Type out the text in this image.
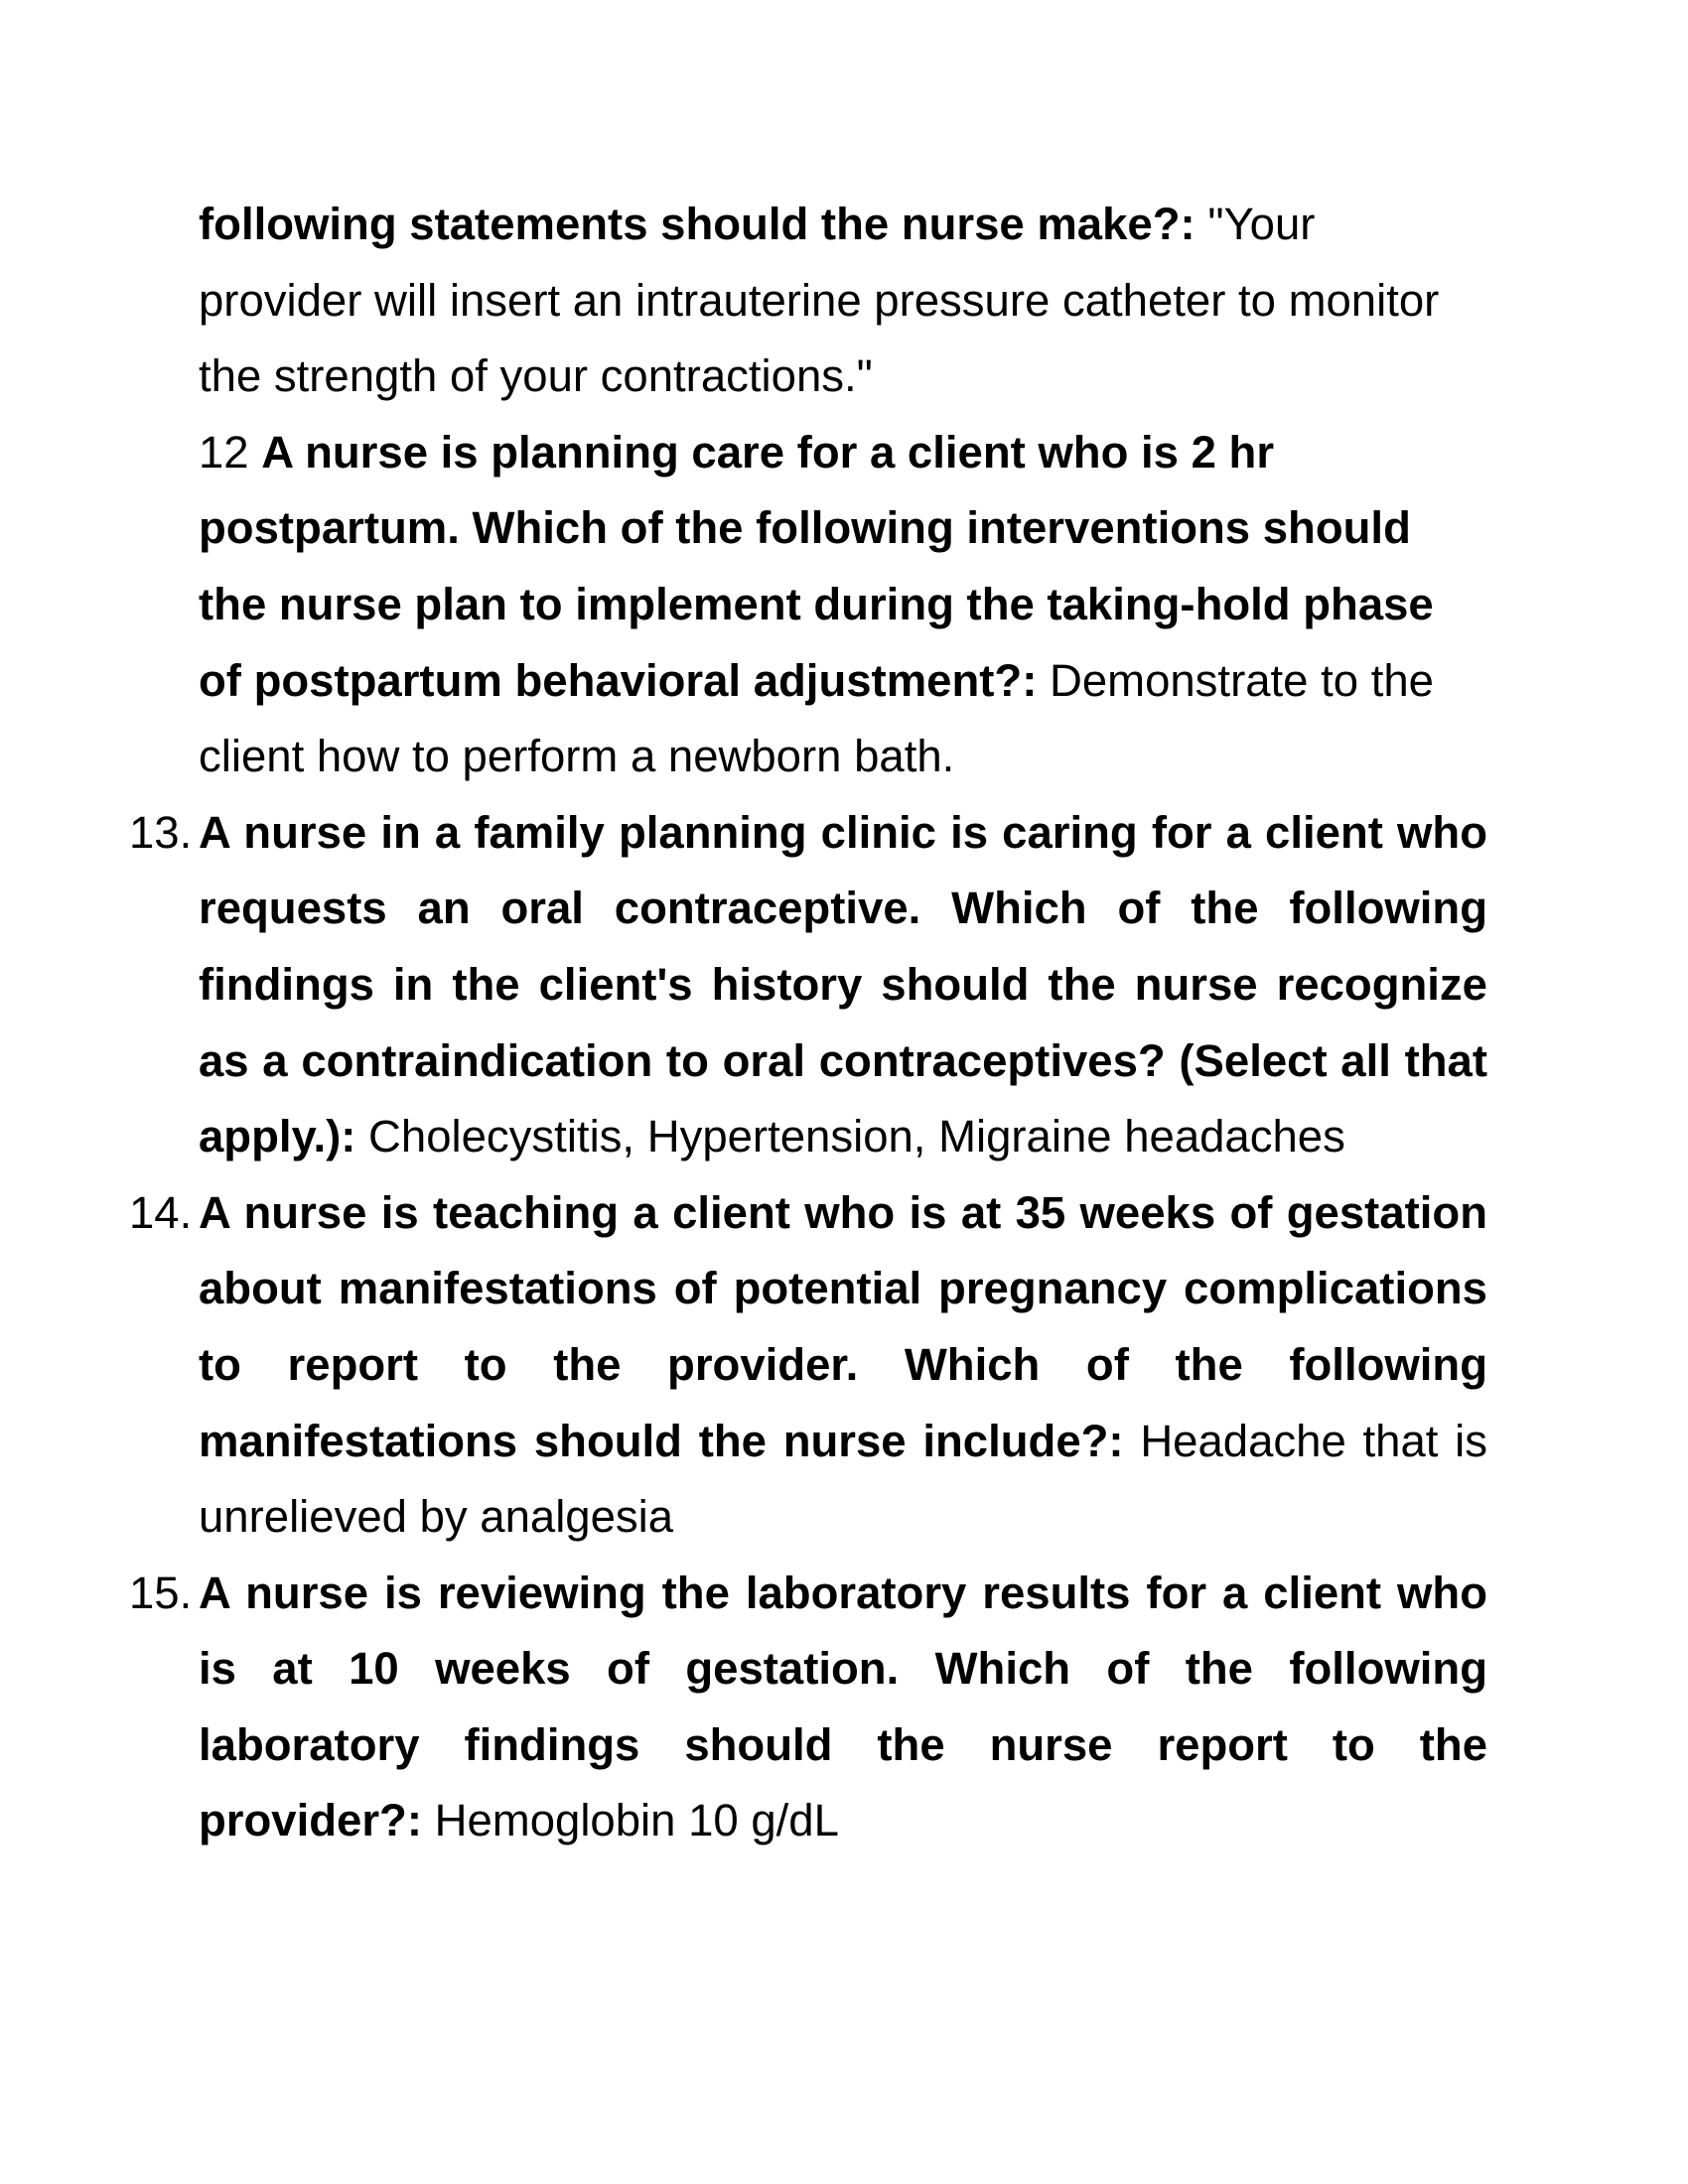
following statements should the nurse make?: "Your provider will insert an intrauterine pressure catheter to monitor the strength of your contractions."

12 A nurse is planning care for a client who is 2 hr postpartum. Which of the following interventions should the nurse plan to implement during the taking-hold phase of postpartum behavioral adjustment?: Demonstrate to the client how to perform a newborn bath.

13. A nurse in a family planning clinic is caring for a client who requests an oral contraceptive. Which of the following findings in the client's history should the nurse recognize as a contraindication to oral contraceptives? (Select all that apply.): Cholecystitis, Hypertension, Migraine headaches

14. A nurse is teaching a client who is at 35 weeks of gestation about manifestations of potential pregnancy complications to report to the provider. Which of the following manifestations should the nurse include?: Headache that is unrelieved by analgesia

15. A nurse is reviewing the laboratory results for a client who is at 10 weeks of gestation. Which of the following laboratory findings should the nurse report to the provider?: Hemoglobin 10 g/dL
